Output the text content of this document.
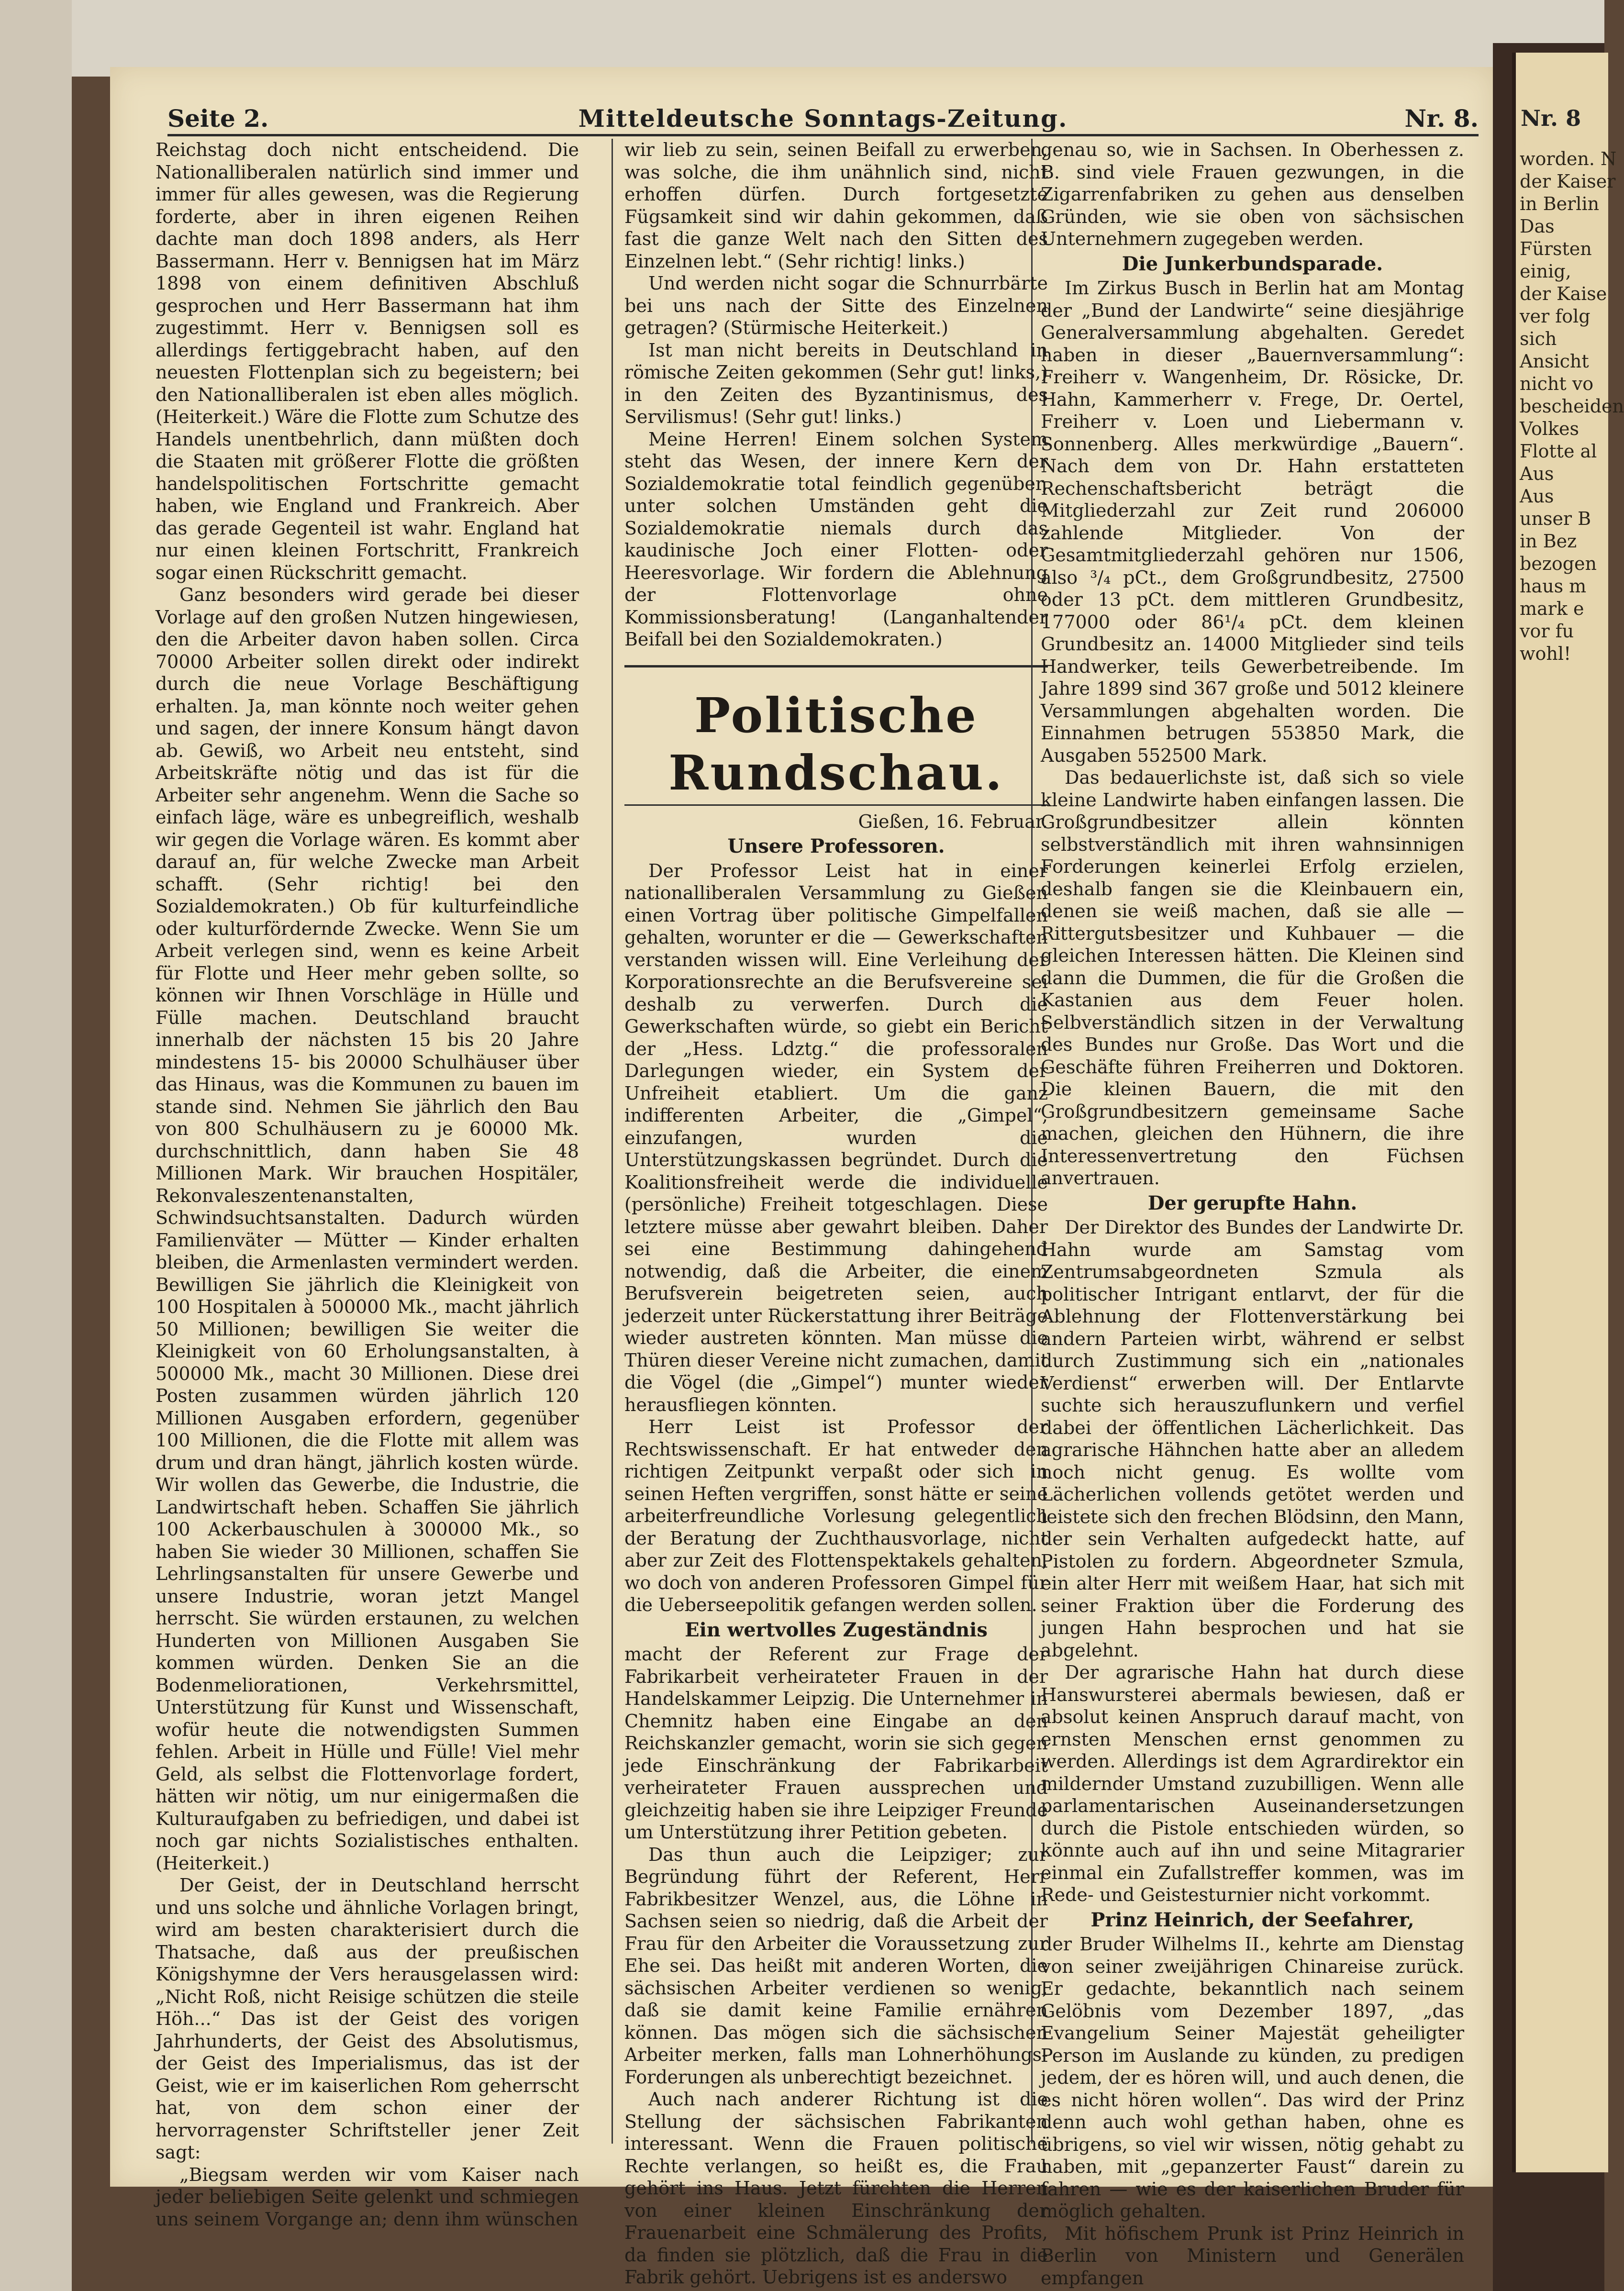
Nr. 8
worden. N
der Kaiser
in Berlin
Das
Fürsten
einig,
der Kaise
ver folg
sich
Ansicht
nicht vo
bescheiden
Volkes
Flotte al
Aus
Aus
unser B
in Bez
bezogen
haus m
mark e
vor fu
wohl!
Seite 2.	Mitteldeutsche Sonntags-Zeitung.	Nr. 8.

Reichstag doch nicht entscheidend. Die Nationalliberalen natürlich sind immer und immer für alles gewesen, was die Regierung forderte, aber in ihren eigenen Reihen dachte man doch 1898 anders, als Herr Bassermann. Herr v. Bennigsen hat im März 1898 von einem definitiven Abschluß gesprochen und Herr Bassermann hat ihm zugestimmt. Herr v. Bennigsen soll es allerdings fertiggebracht haben, auf den neuesten Flottenplan sich zu begeistern; bei den Nationalliberalen ist eben alles möglich. (Heiterkeit.) Wäre die Flotte zum Schutze des Handels unentbehrlich, dann müßten doch die Staaten mit größerer Flotte die größten handelspolitischen Fortschritte gemacht haben, wie England und Frankreich. Aber das gerade Gegenteil ist wahr. England hat nur einen kleinen Fortschritt, Frankreich sogar einen Rückschritt gemacht.

Ganz besonders wird gerade bei dieser Vorlage auf den großen Nutzen hingewiesen, den die Arbeiter davon haben sollen. Circa 70000 Arbeiter sollen direkt oder indirekt durch die neue Vorlage Beschäftigung erhalten. Ja, man könnte noch weiter gehen und sagen, der innere Konsum hängt davon ab. Gewiß, wo Arbeit neu entsteht, sind Arbeitskräfte nötig und das ist für die Arbeiter sehr angenehm. Wenn die Sache so einfach läge, wäre es unbegreiflich, weshalb wir gegen die Vorlage wären. Es kommt aber darauf an, für welche Zwecke man Arbeit schafft. (Sehr richtig! bei den Sozialdemokraten.) Ob für kulturfeindliche oder kulturfördernde Zwecke. Wenn Sie um Arbeit verlegen sind, wenn es keine Arbeit für Flotte und Heer mehr geben sollte, so können wir Ihnen Vorschläge in Hülle und Fülle machen. Deutschland braucht innerhalb der nächsten 15 bis 20 Jahre mindestens 15- bis 20000 Schulhäuser über das Hinaus, was die Kommunen zu bauen im stande sind. Nehmen Sie jährlich den Bau von 800 Schulhäusern zu je 60000 Mk. durchschnittlich, dann haben Sie 48 Millionen Mark. Wir brauchen Hospitäler, Rekonvaleszentenanstalten, Schwindsuchtsanstalten. Dadurch würden Familienväter — Mütter — Kinder erhalten bleiben, die Armenlasten vermindert werden. Bewilligen Sie jährlich die Kleinigkeit von 100 Hospitalen à 500000 Mk., macht jährlich 50 Millionen; bewilligen Sie weiter die Kleinigkeit von 60 Erholungsanstalten, à 500000 Mk., macht 30 Millionen. Diese drei Posten zusammen würden jährlich 120 Millionen Ausgaben erfordern, gegenüber 100 Millionen, die die Flotte mit allem was drum und dran hängt, jährlich kosten würde. Wir wollen das Gewerbe, die Industrie, die Landwirtschaft heben. Schaffen Sie jährlich 100 Ackerbauschulen à 300000 Mk., so haben Sie wieder 30 Millionen, schaffen Sie Lehrlingsanstalten für unsere Gewerbe und unsere Industrie, woran jetzt Mangel herrscht. Sie würden erstaunen, zu welchen Hunderten von Millionen Ausgaben Sie kommen würden. Denken Sie an die Bodenmeliorationen, Verkehrsmittel, Unterstützung für Kunst und Wissenschaft, wofür heute die notwendigsten Summen fehlen. Arbeit in Hülle und Fülle! Viel mehr Geld, als selbst die Flottenvorlage fordert, hätten wir nötig, um nur einigermaßen die Kulturaufgaben zu befriedigen, und dabei ist noch gar nichts Sozialistisches enthalten. (Heiterkeit.)

Der Geist, der in Deutschland herrscht und uns solche und ähnliche Vorlagen bringt, wird am besten charakterisiert durch die Thatsache, daß aus der preußischen Königshymne der Vers herausgelassen wird: „Nicht Roß, nicht Reisige schützen die steile Höh...“ Das ist der Geist des vorigen Jahrhunderts, der Geist des Absolutismus, der Geist des Imperialismus, das ist der Geist, wie er im kaiserlichen Rom geherrscht hat, von dem schon einer der hervorragenster Schriftsteller jener Zeit sagt:

„Biegsam werden wir vom Kaiser nach jeder beliebigen Seite gelenkt und schmiegen uns seinem Vorgange an; denn ihm wünschen

wir lieb zu sein, seinen Beifall zu erwerben, was solche, die ihm unähnlich sind, nicht erhoffen dürfen. Durch fortgesetzte Fügsamkeit sind wir dahin gekommen, daß fast die ganze Welt nach den Sitten des Einzelnen lebt.“ (Sehr richtig! links.)

Und werden nicht sogar die Schnurrbärte bei uns nach der Sitte des Einzelnen getragen? (Stürmische Heiterkeit.)

Ist man nicht bereits in Deutschland in römische Zeiten gekommen (Sehr gut! links,) in den Zeiten des Byzantinismus, des Servilismus! (Sehr gut! links.)

Meine Herren! Einem solchen System steht das Wesen, der innere Kern der Sozialdemokratie total feindlich gegenüber, unter solchen Umständen geht die Sozialdemokratie niemals durch das kaudinische Joch einer Flotten- oder Heeresvorlage. Wir fordern die Ablehnung der Flottenvorlage ohne Kommissionsberatung! (Langanhaltender Beifall bei den Sozialdemokraten.)

Politische Rundschau.

Gießen, 16. Februar.

Unsere Professoren.

Der Professor Leist hat in einer nationalliberalen Versammlung zu Gießen einen Vortrag über politische Gimpelfallen gehalten, worunter er die — Gewerkschaften verstanden wissen will. Eine Verleihung der Korporationsrechte an die Berufsvereine sei deshalb zu verwerfen. Durch die Gewerkschaften würde, so giebt ein Bericht der „Hess. Ldztg.“ die professoralen Darlegungen wieder, ein System der Unfreiheit etabliert. Um die ganz indifferenten Arbeiter, die „Gimpel“, einzufangen, wurden die Unterstützungskassen begründet. Durch die Koalitionsfreiheit werde die individuelle (persönliche) Freiheit totgeschlagen. Diese letztere müsse aber gewahrt bleiben. Daher sei eine Bestimmung dahingehend notwendig, daß die Arbeiter, die einem Berufsverein beigetreten seien, auch jederzeit unter Rückerstattung ihrer Beiträge wieder austreten könnten. Man müsse die Thüren dieser Vereine nicht zumachen, damit die Vögel (die „Gimpel“) munter wieder herausfliegen könnten.

Herr Leist ist Professor der Rechtswissenschaft. Er hat entweder den richtigen Zeitpunkt verpaßt oder sich in seinen Heften vergriffen, sonst hätte er seine arbeiterfreundliche Vorlesung gelegentlich der Beratung der Zuchthausvorlage, nicht aber zur Zeit des Flottenspektakels gehalten, wo doch von anderen Professoren Gimpel für die Ueberseepolitik gefangen werden sollen.

Ein wertvolles Zugeständnis

macht der Referent zur Frage der Fabrikarbeit verheirateter Frauen in der Handelskammer Leipzig. Die Unternehmer in Chemnitz haben eine Eingabe an den Reichskanzler gemacht, worin sie sich gegen jede Einschränkung der Fabrikarbeit verheirateter Frauen aussprechen und gleichzeitig haben sie ihre Leipziger Freunde um Unterstützung ihrer Petition gebeten.

Das thun auch die Leipziger; zur Begründung führt der Referent, Herr Fabrikbesitzer Wenzel, aus, die Löhne in Sachsen seien so niedrig, daß die Arbeit der Frau für den Arbeiter die Voraussetzung zur Ehe sei. Das heißt mit anderen Worten, die sächsischen Arbeiter verdienen so wenig, daß sie damit keine Familie ernähren können. Das mögen sich die sächsischen Arbeiter merken, falls man Lohnerhöhungs-Forderungen als unberechtigt bezeichnet.

Auch nach anderer Richtung ist die Stellung der sächsischen Fabrikanten interessant. Wenn die Frauen politische Rechte verlangen, so heißt es, die Frau gehört ins Haus. Jetzt fürchten die Herren von einer kleinen Einschränkung der Frauenarbeit eine Schmälerung des Profits, da finden sie plötzlich, daß die Frau in die Fabrik gehört. Uebrigens ist es anderswo

genau so, wie in Sachsen. In Oberhessen z. B. sind viele Frauen gezwungen, in die Zigarrenfabriken zu gehen aus denselben Gründen, wie sie oben von sächsischen Unternehmern zugegeben werden.

Die Junkerbundsparade.

Im Zirkus Busch in Berlin hat am Montag der „Bund der Landwirte“ seine diesjährige Generalversammlung abgehalten. Geredet haben in dieser „Bauernversammlung“: Freiherr v. Wangenheim, Dr. Rösicke, Dr. Hahn, Kammerherr v. Frege, Dr. Oertel, Freiherr v. Loen und Liebermann v. Sonnenberg. Alles merkwürdige „Bauern“. Nach dem von Dr. Hahn erstatteten Rechenschaftsbericht beträgt die Mitgliederzahl zur Zeit rund 206000 zahlende Mitglieder. Von der Gesamtmitgliederzahl gehören nur 1506, also ³/₄ pCt., dem Großgrundbesitz, 27500 oder 13 pCt. dem mittleren Grundbesitz, 177000 oder 86¹/₄ pCt. dem kleinen Grundbesitz an. 14000 Mitglieder sind teils Handwerker, teils Gewerbetreibende. Im Jahre 1899 sind 367 große und 5012 kleinere Versammlungen abgehalten worden. Die Einnahmen betrugen 553850 Mark, die Ausgaben 552500 Mark.

Das bedauerlichste ist, daß sich so viele kleine Landwirte haben einfangen lassen. Die Großgrundbesitzer allein könnten selbstverständlich mit ihren wahnsinnigen Forderungen keinerlei Erfolg erzielen, deshalb fangen sie die Kleinbauern ein, denen sie weiß machen, daß sie alle — Rittergutsbesitzer und Kuhbauer — die gleichen Interessen hätten. Die Kleinen sind dann die Dummen, die für die Großen die Kastanien aus dem Feuer holen. Selbverständlich sitzen in der Verwaltung des Bundes nur Große. Das Wort und die Geschäfte führen Freiherren und Doktoren. Die kleinen Bauern, die mit den Großgrundbesitzern gemeinsame Sache machen, gleichen den Hühnern, die ihre Interessenvertretung den Füchsen anvertrauen.

Der gerupfte Hahn.

Der Direktor des Bundes der Landwirte Dr. Hahn wurde am Samstag vom Zentrumsabgeordneten Szmula als politischer Intrigant entlarvt, der für die Ablehnung der Flottenverstärkung bei andern Parteien wirbt, während er selbst durch Zustimmung sich ein „nationales Verdienst“ erwerben will. Der Entlarvte suchte sich herauszuflunkern und verfiel dabei der öffentlichen Lächerlichkeit. Das agrarische Hähnchen hatte aber an alledem noch nicht genug. Es wollte vom Lächerlichen vollends getötet werden und leistete sich den frechen Blödsinn, den Mann, der sein Verhalten aufgedeckt hatte, auf Pistolen zu fordern. Abgeordneter Szmula, ein alter Herr mit weißem Haar, hat sich mit seiner Fraktion über die Forderung des jungen Hahn besprochen und hat sie abgelehnt.

Der agrarische Hahn hat durch diese Hanswursterei abermals bewiesen, daß er absolut keinen Anspruch darauf macht, von ernsten Menschen ernst genommen zu werden. Allerdings ist dem Agrardirektor ein mildernder Umstand zuzubilligen. Wenn alle parlamentarischen Auseinandersetzungen durch die Pistole entschieden würden, so könnte auch auf ihn und seine Mitagrarier einmal ein Zufallstreffer kommen, was im Rede- und Geistesturnier nicht vorkommt.

Prinz Heinrich, der Seefahrer,

der Bruder Wilhelms II., kehrte am Dienstag von seiner zweijährigen Chinareise zurück. Er gedachte, bekanntlich nach seinem Gelöbnis vom Dezember 1897, „das Evangelium Seiner Majestät geheiligter Person im Auslande zu künden, zu predigen jedem, der es hören will, und auch denen, die es nicht hören wollen“. Das wird der Prinz denn auch wohl gethan haben, ohne es übrigens, so viel wir wissen, nötig gehabt zu haben, mit „gepanzerter Faust“ darein zu fahren — wie es der kaiserlichen Bruder für möglich gehalten.

Mit höfischem Prunk ist Prinz Heinrich in Berlin von Ministern und Generälen empfangen
